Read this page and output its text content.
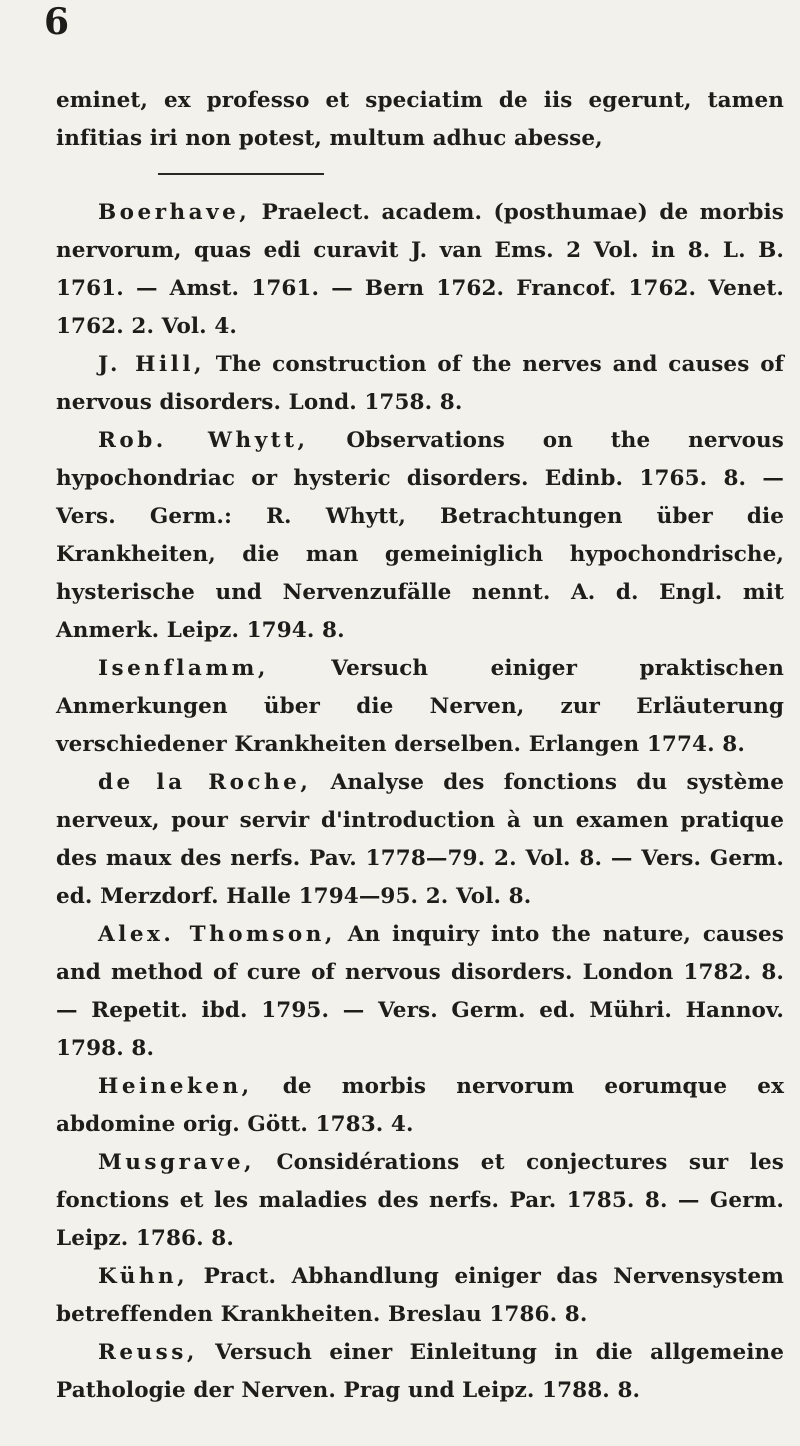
6

eminet, ex professo et speciatim de iis egerunt, tamen infitias iri non potest, multum adhuc abesse,

Boerhave, Praelect. academ. (posthumae) de morbis nervorum, quas edi curavit J. van Ems. 2 Vol. in 8. L. B. 1761. — Amst. 1761. — Bern 1762. Francof. 1762. Venet. 1762. 2. Vol. 4.

J. Hill, The construction of the nerves and causes of nervous disorders. Lond. 1758. 8.

Rob. Whytt, Observations on the nervous hypochondriac or hysteric disorders. Edinb. 1765. 8. — Vers. Germ.: R. Whytt, Betrachtungen über die Krankheiten, die man gemeiniglich hypochondrische, hysterische und Nervenzufälle nennt. A. d. Engl. mit Anmerk. Leipz. 1794. 8.

Isenflamm, Versuch einiger praktischen Anmerkungen über die Nerven, zur Erläuterung verschiedener Krankheiten derselben. Erlangen 1774. 8.

de la Roche, Analyse des fonctions du système nerveux, pour servir d'introduction à un examen pratique des maux des nerfs. Pav. 1778—79. 2. Vol. 8. — Vers. Germ. ed. Merzdorf. Halle 1794—95. 2. Vol. 8.

Alex. Thomson, An inquiry into the nature, causes and method of cure of nervous disorders. London 1782. 8. — Repetit. ibd. 1795. — Vers. Germ. ed. Mühri. Hannov. 1798. 8.

Heineken, de morbis nervorum eorumque ex abdomine orig. Gött. 1783. 4.

Musgrave, Considérations et conjectures sur les fonctions et les maladies des nerfs. Par. 1785. 8. — Germ. Leipz. 1786. 8.

Kühn, Pract. Abhandlung einiger das Nervensystem betreffenden Krankheiten. Breslau 1786. 8.

Reuss, Versuch einer Einleitung in die allgemeine Pathologie der Nerven. Prag und Leipz. 1788. 8.
